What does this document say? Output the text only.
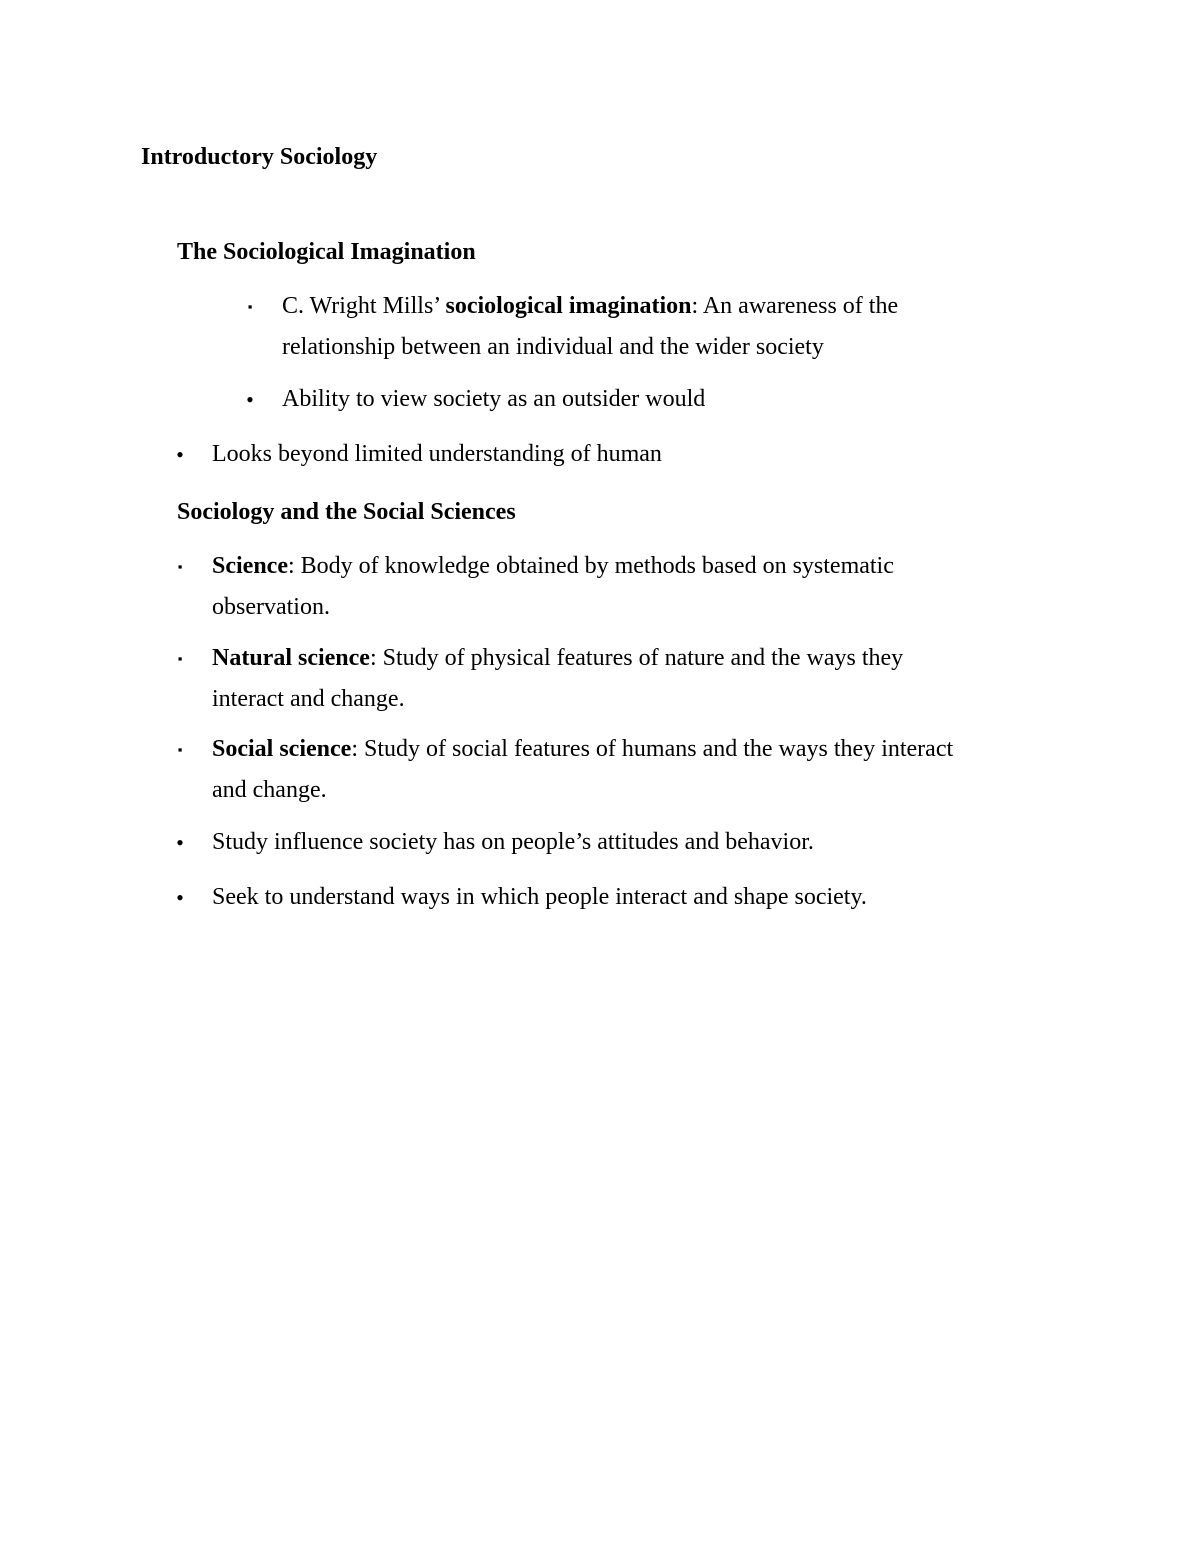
Introductory Sociology
The Sociological Imagination
▪	C. Wright Mills’ sociological imagination: An awareness of the relationship between an individual and the wider society
• Ability to view society as an outsider would
• Looks beyond limited understanding of human
Sociology and the Social Sciences
▪	Science: Body of knowledge obtained by methods based on systematic observation.
▪	Natural science: Study of physical features of nature and the ways they interact and change.
▪	Social science: Study of social features of humans and the ways they interact and change.
• Study influence society has on people’s attitudes and behavior.
• Seek to understand ways in which people interact and shape society.
